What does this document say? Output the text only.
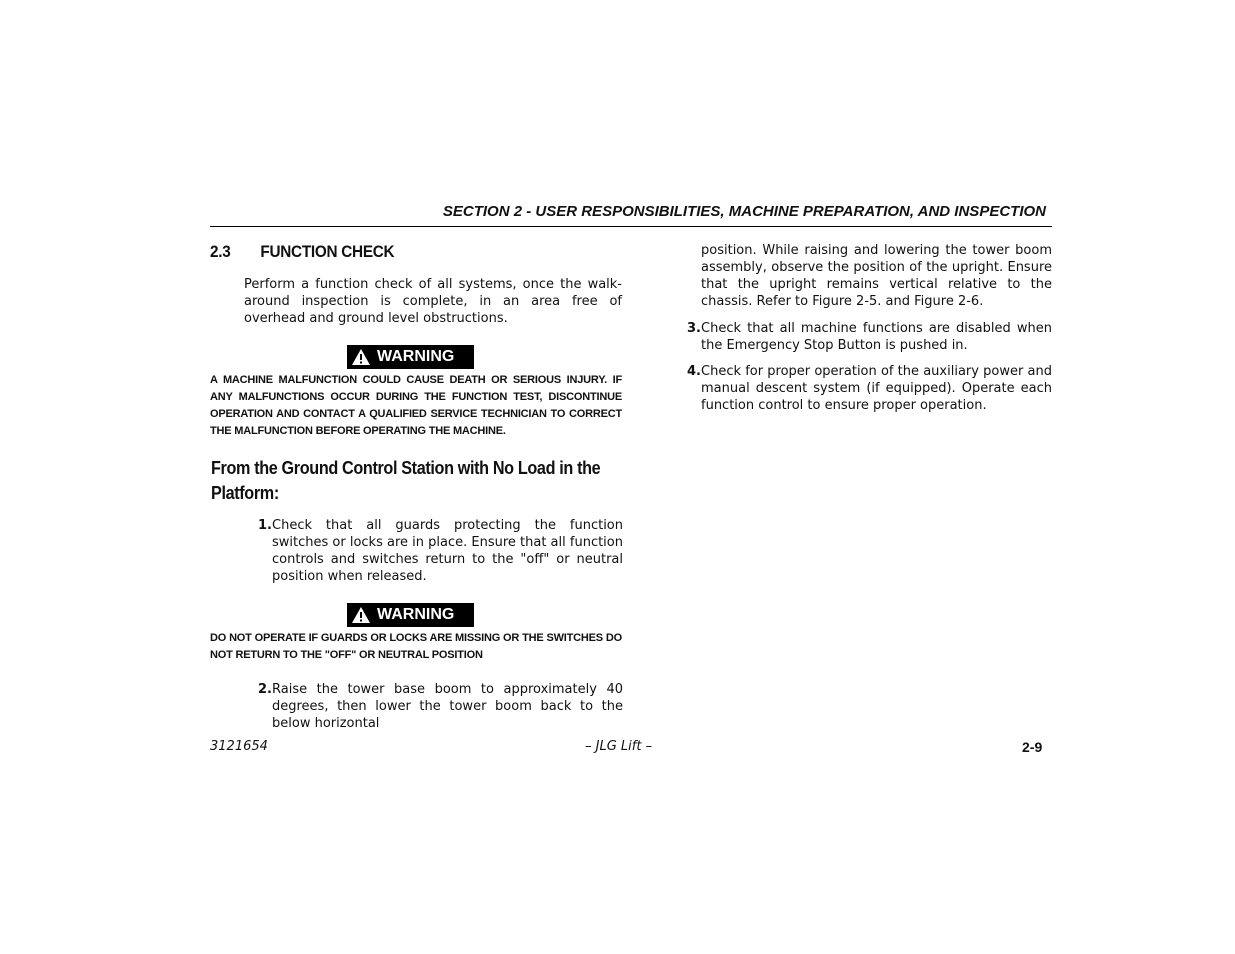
SECTION 2 - USER RESPONSIBILITIES, MACHINE PREPARATION, AND INSPECTION
2.3 FUNCTION CHECK
Perform a function check of all systems, once the walk-around inspection is complete, in an area free of overhead and ground level obstructions.
WARNING
A MACHINE MALFUNCTION COULD CAUSE DEATH OR SERIOUS INJURY. IF ANY MALFUNCTIONS OCCUR DURING THE FUNCTION TEST, DISCONTINUE OPERATION AND CONTACT A QUALIFIED SERVICE TECHNICIAN TO CORRECT THE MALFUNCTION BEFORE OPERATING THE MACHINE.
From the Ground Control Station with No Load in the Platform:
1. Check that all guards protecting the function switches or locks are in place. Ensure that all function controls and switches return to the "off" or neutral position when released.
WARNING
DO NOT OPERATE IF GUARDS OR LOCKS ARE MISSING OR THE SWITCHES DO NOT RETURN TO THE "OFF" OR NEUTRAL POSITION
2. Raise the tower base boom to approximately 40 degrees, then lower the tower boom back to the below horizontal
position. While raising and lowering the tower boom assembly, observe the position of the upright. Ensure that the upright remains vertical relative to the chassis. Refer to Figure 2-5. and Figure 2-6.
3. Check that all machine functions are disabled when the Emergency Stop Button is pushed in.
4. Check for proper operation of the auxiliary power and manual descent system (if equipped). Operate each function control to ensure proper operation.
3121654	– JLG Lift –	2-9
